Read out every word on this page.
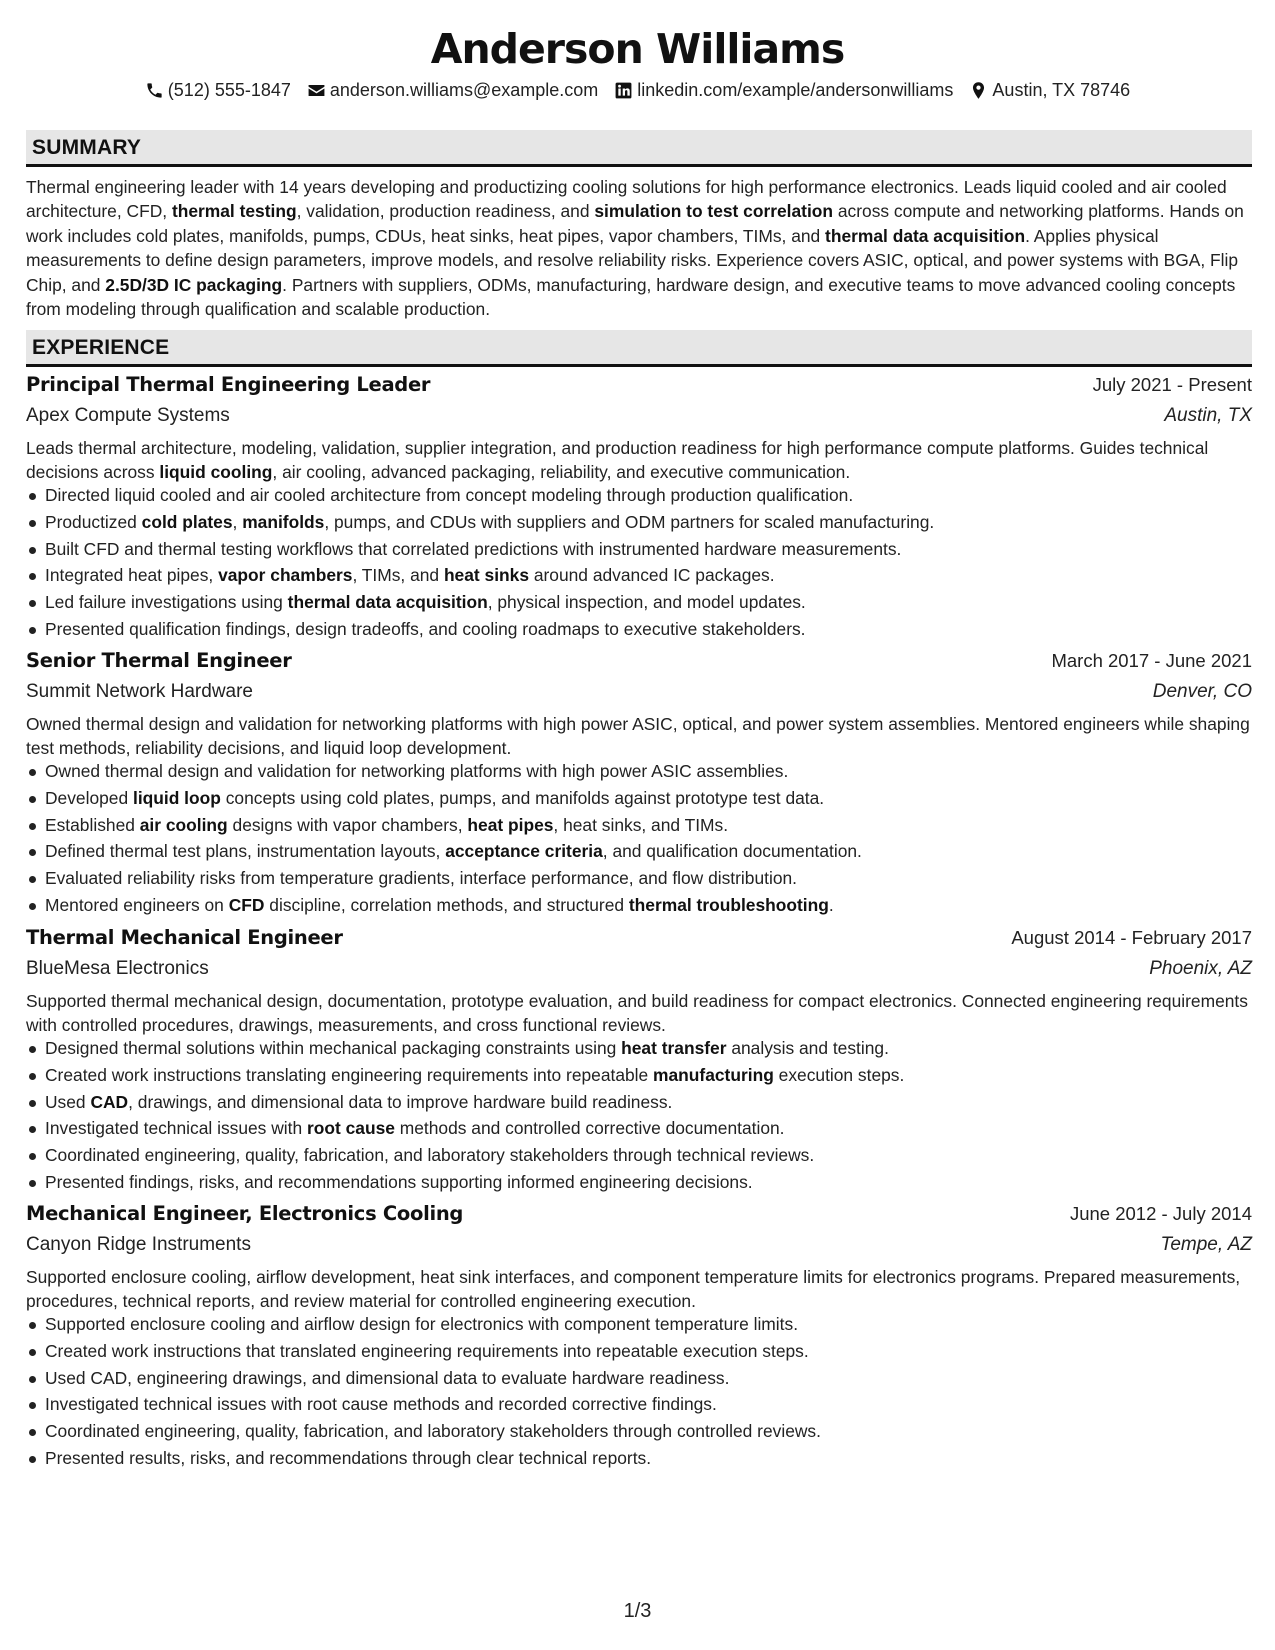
Anderson Williams
(512) 555-1847 anderson.williams@example.com linkedin.com/example/andersonwilliams Austin, TX 78746
SUMMARY

Thermal engineering leader with 14 years developing and productizing cooling solutions for high performance electronics. Leads liquid cooled and air cooled architecture, CFD, thermal testing, validation, production readiness, and simulation to test correlation across compute and networking platforms. Hands on work includes cold plates, manifolds, pumps, CDUs, heat sinks, heat pipes, vapor chambers, TIMs, and thermal data acquisition. Applies physical measurements to define design parameters, improve models, and resolve reliability risks. Experience covers ASIC, optical, and power systems with BGA, Flip Chip, and 2.5D/3D IC packaging. Partners with suppliers, ODMs, manufacturing, hardware design, and executive teams to move advanced cooling concepts from modeling through qualification and scalable production.

EXPERIENCE
Principal Thermal Engineering Leader	July 2021 - Present
Apex Compute Systems	Austin, TX

Leads thermal architecture, modeling, validation, supplier integration, and production readiness for high performance compute platforms. Guides technical decisions across liquid cooling, air cooling, advanced packaging, reliability, and executive communication.

Directed liquid cooled and air cooled architecture from concept modeling through production qualification.
Productized cold plates, manifolds, pumps, and CDUs with suppliers and ODM partners for scaled manufacturing.
Built CFD and thermal testing workflows that correlated predictions with instrumented hardware measurements.
Integrated heat pipes, vapor chambers, TIMs, and heat sinks around advanced IC packages.
Led failure investigations using thermal data acquisition, physical inspection, and model updates.
Presented qualification findings, design tradeoffs, and cooling roadmaps to executive stakeholders.
Senior Thermal Engineer	March 2017 - June 2021
Summit Network Hardware	Denver, CO

Owned thermal design and validation for networking platforms with high power ASIC, optical, and power system assemblies. Mentored engineers while shaping test methods, reliability decisions, and liquid loop development.

Owned thermal design and validation for networking platforms with high power ASIC assemblies.
Developed liquid loop concepts using cold plates, pumps, and manifolds against prototype test data.
Established air cooling designs with vapor chambers, heat pipes, heat sinks, and TIMs.
Defined thermal test plans, instrumentation layouts, acceptance criteria, and qualification documentation.
Evaluated reliability risks from temperature gradients, interface performance, and flow distribution.
Mentored engineers on CFD discipline, correlation methods, and structured thermal troubleshooting.
Thermal Mechanical Engineer	August 2014 - February 2017
BlueMesa Electronics	Phoenix, AZ

Supported thermal mechanical design, documentation, prototype evaluation, and build readiness for compact electronics. Connected engineering requirements with controlled procedures, drawings, measurements, and cross functional reviews.

Designed thermal solutions within mechanical packaging constraints using heat transfer analysis and testing.
Created work instructions translating engineering requirements into repeatable manufacturing execution steps.
Used CAD, drawings, and dimensional data to improve hardware build readiness.
Investigated technical issues with root cause methods and controlled corrective documentation.
Coordinated engineering, quality, fabrication, and laboratory stakeholders through technical reviews.
Presented findings, risks, and recommendations supporting informed engineering decisions.
Mechanical Engineer, Electronics Cooling	June 2012 - July 2014
Canyon Ridge Instruments	Tempe, AZ

Supported enclosure cooling, airflow development, heat sink interfaces, and component temperature limits for electronics programs. Prepared measurements, procedures, technical reports, and review material for controlled engineering execution.

Supported enclosure cooling and airflow design for electronics with component temperature limits.
Created work instructions that translated engineering requirements into repeatable execution steps.
Used CAD, engineering drawings, and dimensional data to evaluate hardware readiness.
Investigated technical issues with root cause methods and recorded corrective findings.
Coordinated engineering, quality, fabrication, and laboratory stakeholders through controlled reviews.
Presented results, risks, and recommendations through clear technical reports.
1/3
